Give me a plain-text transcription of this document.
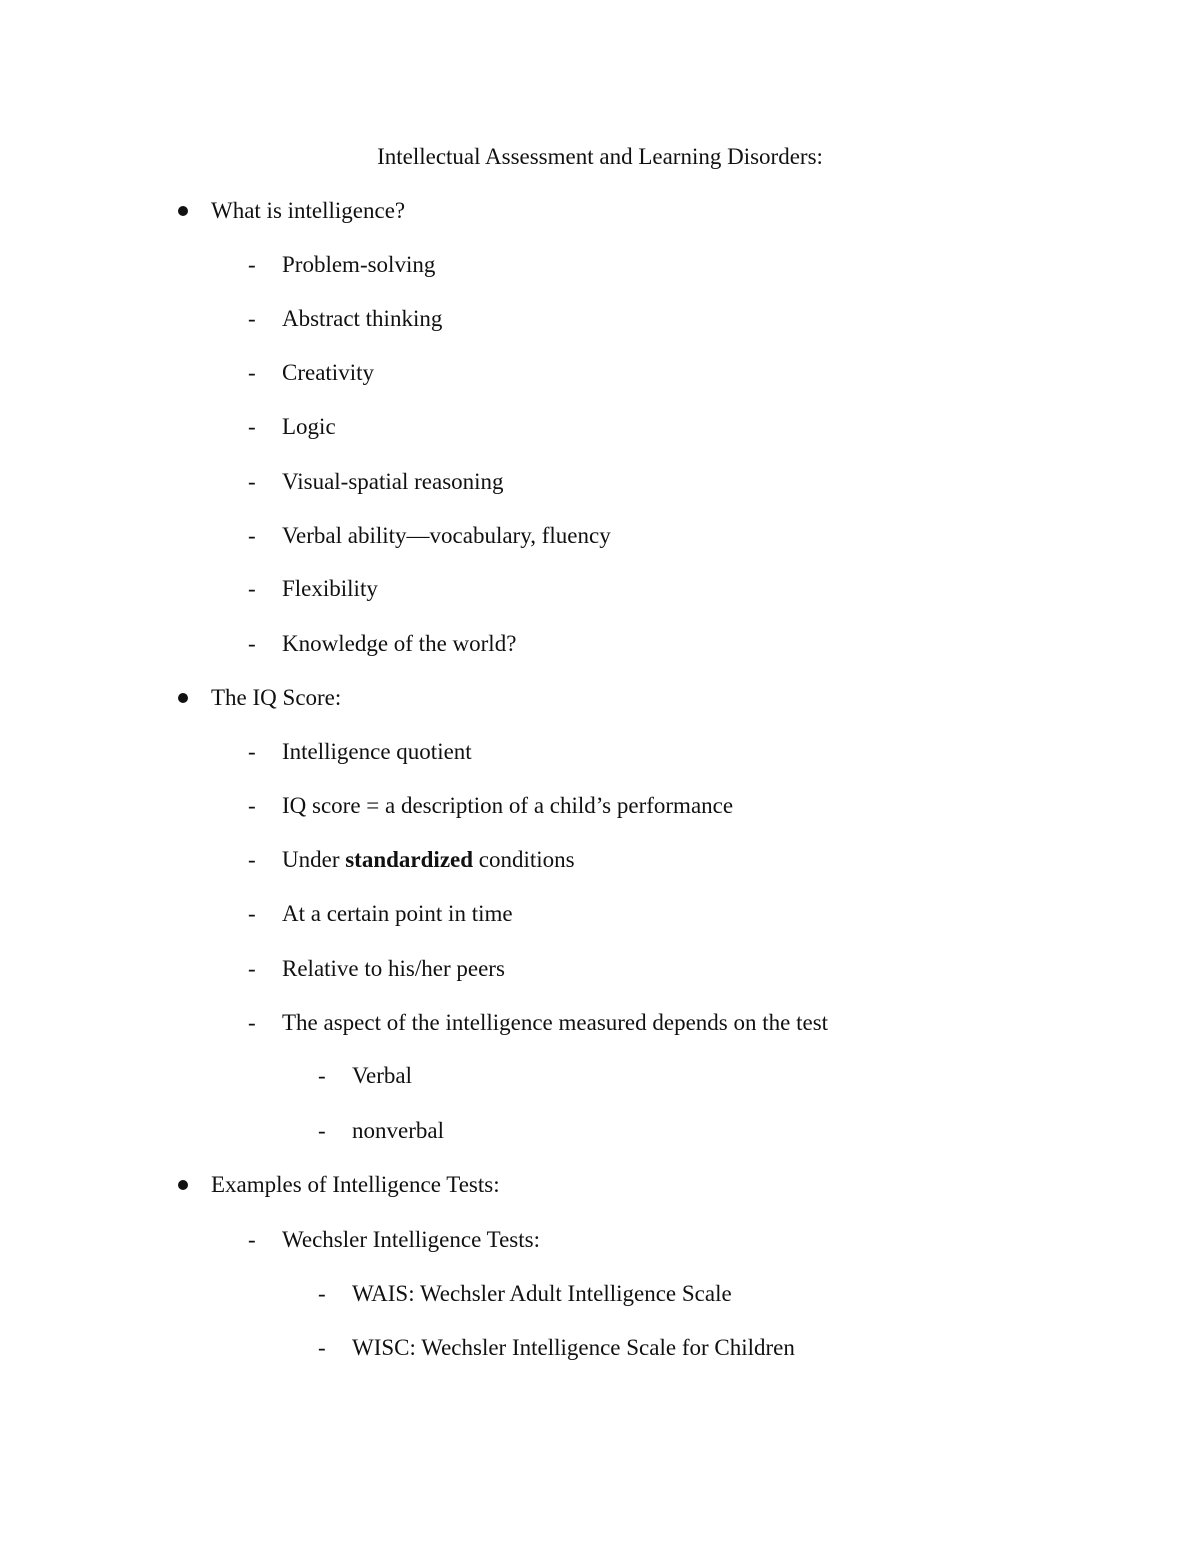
Intellectual Assessment and Learning Disorders:
What is intelligence?
- Problem-solving
- Abstract thinking
- Creativity
- Logic
- Visual-spatial reasoning
- Verbal ability—vocabulary, fluency
- Flexibility
- Knowledge of the world?
The IQ Score:
- Intelligence quotient
- IQ score = a description of a child’s performance
- Under standardized conditions
- At a certain point in time
- Relative to his/her peers
- The aspect of the intelligence measured depends on the test
- Verbal
- nonverbal
Examples of Intelligence Tests:
- Wechsler Intelligence Tests:
- WAIS: Wechsler Adult Intelligence Scale
- WISC: Wechsler Intelligence Scale for Children
